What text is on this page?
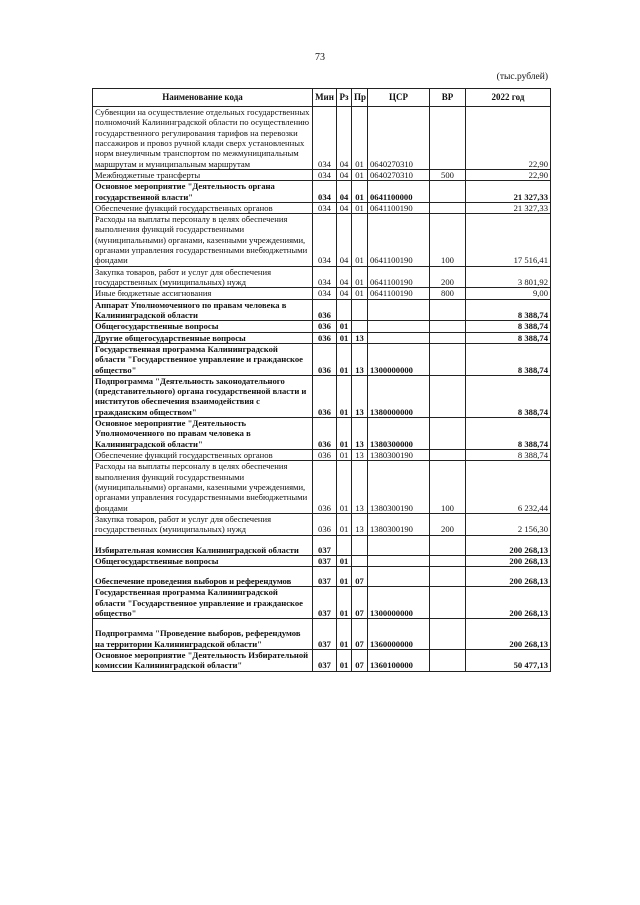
73
(тыс.рублей)
Наименование кода	Мин	Рз	Пр	ЦСР	ВР	2022 год
Субвенции на осуществление отдельных государственных полномочий Калининградской области по осуществлению государственного регулирования тарифов на перевозки пассажиров и провоз ручной клади сверх установленных норм внеуличным транспортом по межмуниципальным маршрутам и муниципальным маршрутам	034	04	01	0640270310		22,90
Межбюджетные трансферты	034	04	01	0640270310	500	22,90
Основное мероприятие "Деятельность органа государственной власти"	034	04	01	0641100000		21 327,33
Обеспечение функций государственных органов	034	04	01	0641100190		21 327,33
Расходы на выплаты персоналу в целях обеспечения выполнения функций государственными (муниципальными) органами, казенными учреждениями, органами управления государственными внебюджетными фондами	034	04	01	0641100190	100	17 516,41
Закупка товаров, работ и услуг для обеспечения государственных (муниципальных) нужд	034	04	01	0641100190	200	3 801,92
Иные бюджетные ассигнования	034	04	01	0641100190	800	9,00
Аппарат Уполномоченного по правам человека в Калининградской области	036					8 388,74
Общегосударственные вопросы	036	01				8 388,74
Другие общегосударственные вопросы	036	01	13			8 388,74
Государственная программа Калининградской области "Государственное управление и гражданское общество"	036	01	13	1300000000		8 388,74
Подпрограмма "Деятельность законодательного (представительного) органа государственной власти и институтов обеспечения взаимодействия с гражданским обществом"	036	01	13	1380000000		8 388,74
Основное мероприятие "Деятельность Уполномоченного по правам человека в Калининградской области"	036	01	13	1380300000		8 388,74
Обеспечение функций государственных органов	036	01	13	1380300190		8 388,74
Расходы на выплаты персоналу в целях обеспечения выполнения функций государственными (муниципальными) органами, казенными учреждениями, органами управления государственными внебюджетными фондами	036	01	13	1380300190	100	6 232,44
Закупка товаров, работ и услуг для обеспечения государственных (муниципальных) нужд	036	01	13	1380300190	200	2 156,30
Избирательная комиссия Калининградской области	037					200 268,13
Общегосударственные вопросы	037	01				200 268,13
Обеспечение проведения выборов и референдумов	037	01	07			200 268,13
Государственная программа Калининградской области "Государственное управление и гражданское общество"	037	01	07	1300000000		200 268,13
Подпрограмма "Проведение выборов, референдумов на территории Калининградской области"	037	01	07	1360000000		200 268,13
Основное мероприятие "Деятельность Избирательной комиссии Калининградской области"	037	01	07	1360100000		50 477,13
